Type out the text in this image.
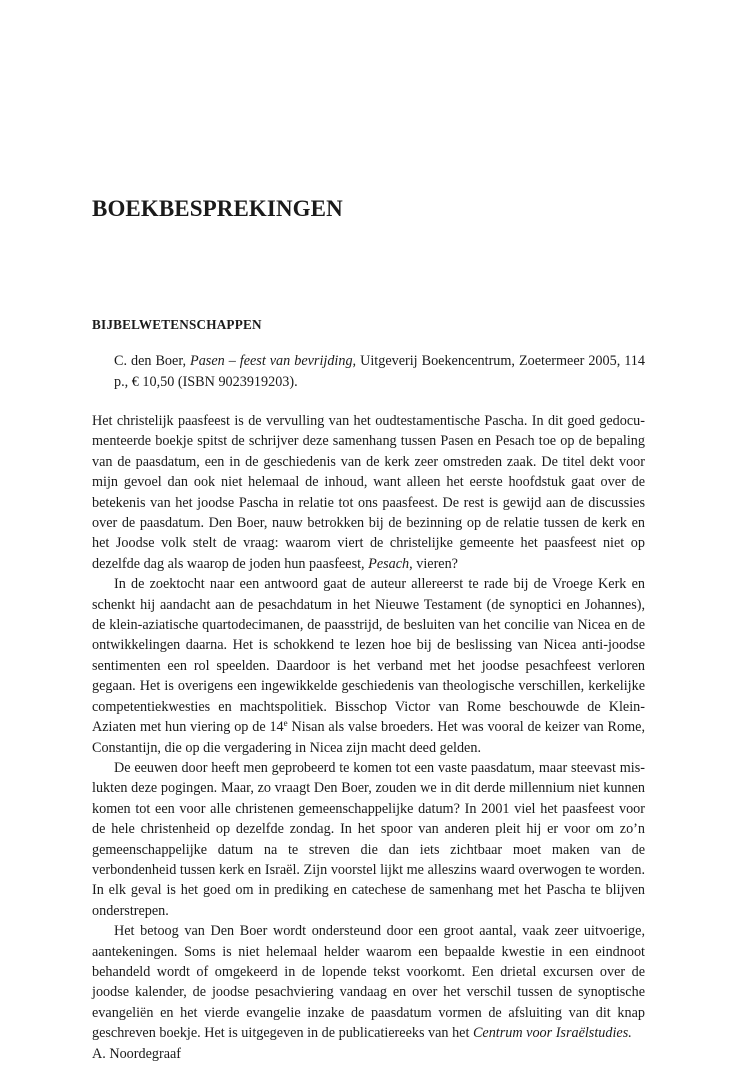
BOEKBESPREKINGEN
BIJBELWETENSCHAPPEN

C. den Boer, Pasen – feest van bevrijding, Uitgeverij Boekencentrum, Zoetermeer 2005, 114 p., € 10,50 (ISBN 9023919203).

Het christelijk paasfeest is de vervulling van het oudtestamentische Pascha. In dit goed gedocumenteerde boekje spitst de schrijver deze samenhang tussen Pasen en Pesach toe op de bepaling van de paasdatum, een in de geschiedenis van de kerk zeer omstreden zaak. De titel dekt voor mijn gevoel dan ook niet helemaal de inhoud, want alleen het eerste hoofdstuk gaat over de betekenis van het joodse Pascha in relatie tot ons paasfeest. De rest is gewijd aan de discussies over de paasdatum. Den Boer, nauw betrokken bij de bezinning op de relatie tussen de kerk en het Joodse volk stelt de vraag: waarom viert de christelijke gemeente het paasfeest niet op dezelfde dag als waarop de joden hun paasfeest, Pesach, vieren?

In de zoektocht naar een antwoord gaat de auteur allereerst te rade bij de Vroege Kerk en schenkt hij aandacht aan de pesachdatum in het Nieuwe Testament (de synoptici en Johannes), de klein-aziatische quartodecimanen, de paasstrijd, de besluiten van het concilie van Nicea en de ontwikkelingen daarna. Het is schokkend te lezen hoe bij de beslissing van Nicea anti-joodse sentimenten een rol speelden. Daardoor is het verband met het joodse pesachfeest verloren gegaan. Het is overigens een ingewikkelde geschiedenis van theologische verschillen, kerkelijke competentiekwesties en machtspolitiek. Bisschop Victor van Rome beschouwde de Klein-Aziaten met hun viering op de 14e Nisan als valse broeders. Het was vooral de keizer van Rome, Constantijn, die op die vergadering in Nicea zijn macht deed gelden.

De eeuwen door heeft men geprobeerd te komen tot een vaste paasdatum, maar steevast mislukten deze pogingen. Maar, zo vraagt Den Boer, zouden we in dit derde millennium niet kunnen komen tot een voor alle christenen gemeenschappelijke datum? In 2001 viel het paasfeest voor de hele christenheid op dezelfde zondag. In het spoor van anderen pleit hij er voor om zo’n gemeenschappelijke datum na te streven die dan iets zichtbaar moet maken van de verbondenheid tussen kerk en Israël. Zijn voorstel lijkt me alleszins waard overwogen te worden. In elk geval is het goed om in prediking en catechese de samenhang met het Pascha te blijven onderstrepen.

Het betoog van Den Boer wordt ondersteund door een groot aantal, vaak zeer uitvoerige, aantekeningen. Soms is niet helemaal helder waarom een bepaalde kwestie in een eindnoot behandeld wordt of omgekeerd in de lopende tekst voorkomt. Een drietal excursen over de joodse kalender, de joodse pesachviering vandaag en over het verschil tussen de synoptische evangeliën en het vierde evangelie inzake de paasdatum vormen de afsluiting van dit knap geschreven boekje. Het is uitgegeven in de publicatiereeks van het Centrum voor Israëlstudies.

A. Noordegraaf
